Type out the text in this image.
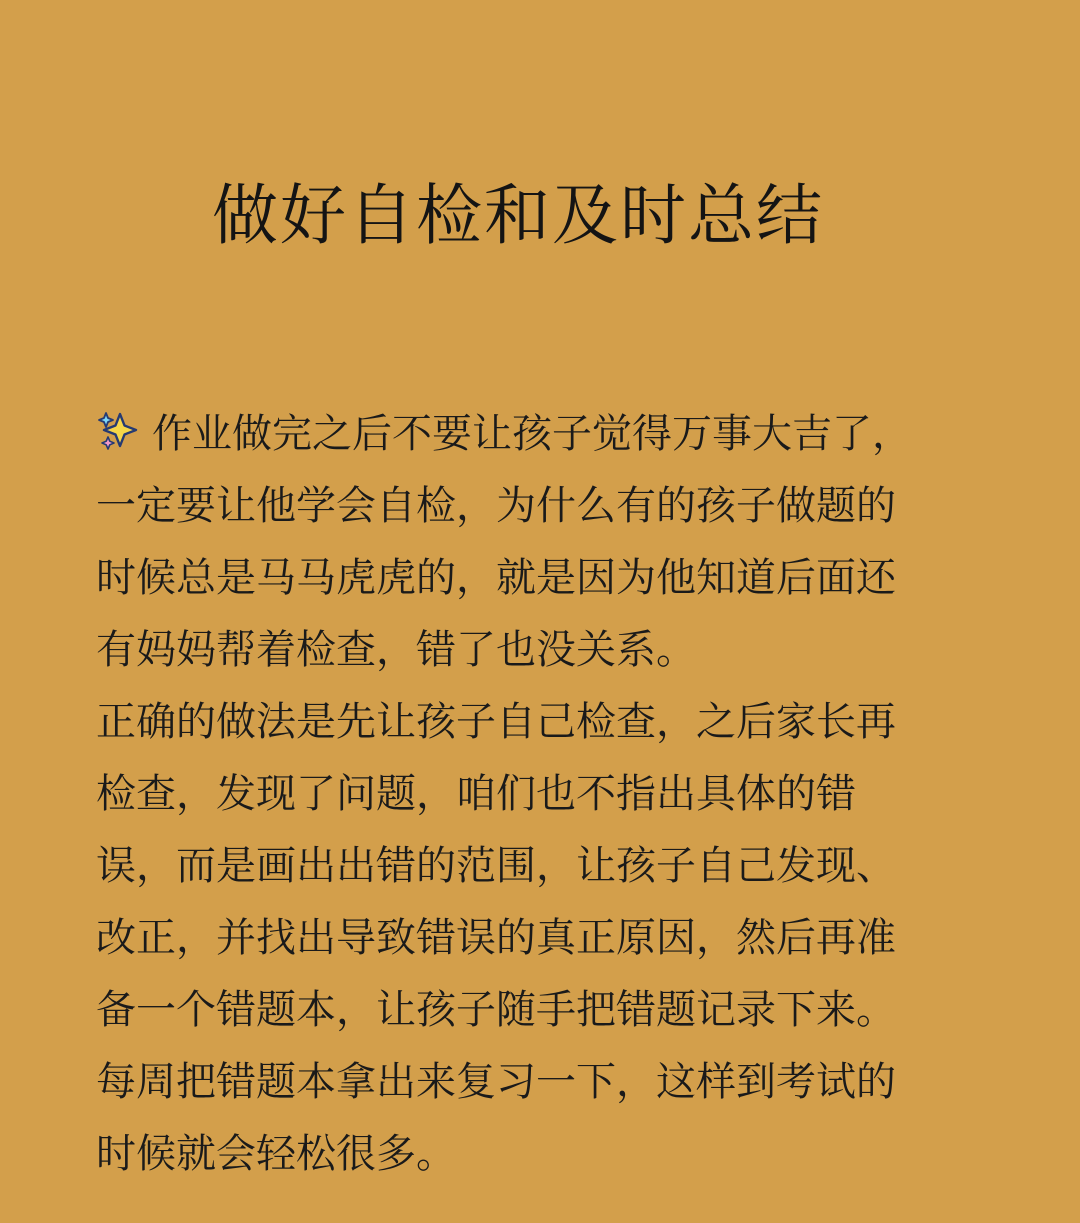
做好自检和及时总结
作业做完之后不要让孩子觉得万事大吉了，
一定要让他学会自检，为什么有的孩子做题的
时候总是马马虎虎的，就是因为他知道后面还
有妈妈帮着检查，错了也没关系。
正确的做法是先让孩子自己检查，之后家长再
检查，发现了问题，咱们也不指出具体的错
误，而是画出出错的范围，让孩子自己发现、
改正，并找出导致错误的真正原因，然后再准
备一个错题本，让孩子随手把错题记录下来。
每周把错题本拿出来复习一下，这样到考试的
时候就会轻松很多。
